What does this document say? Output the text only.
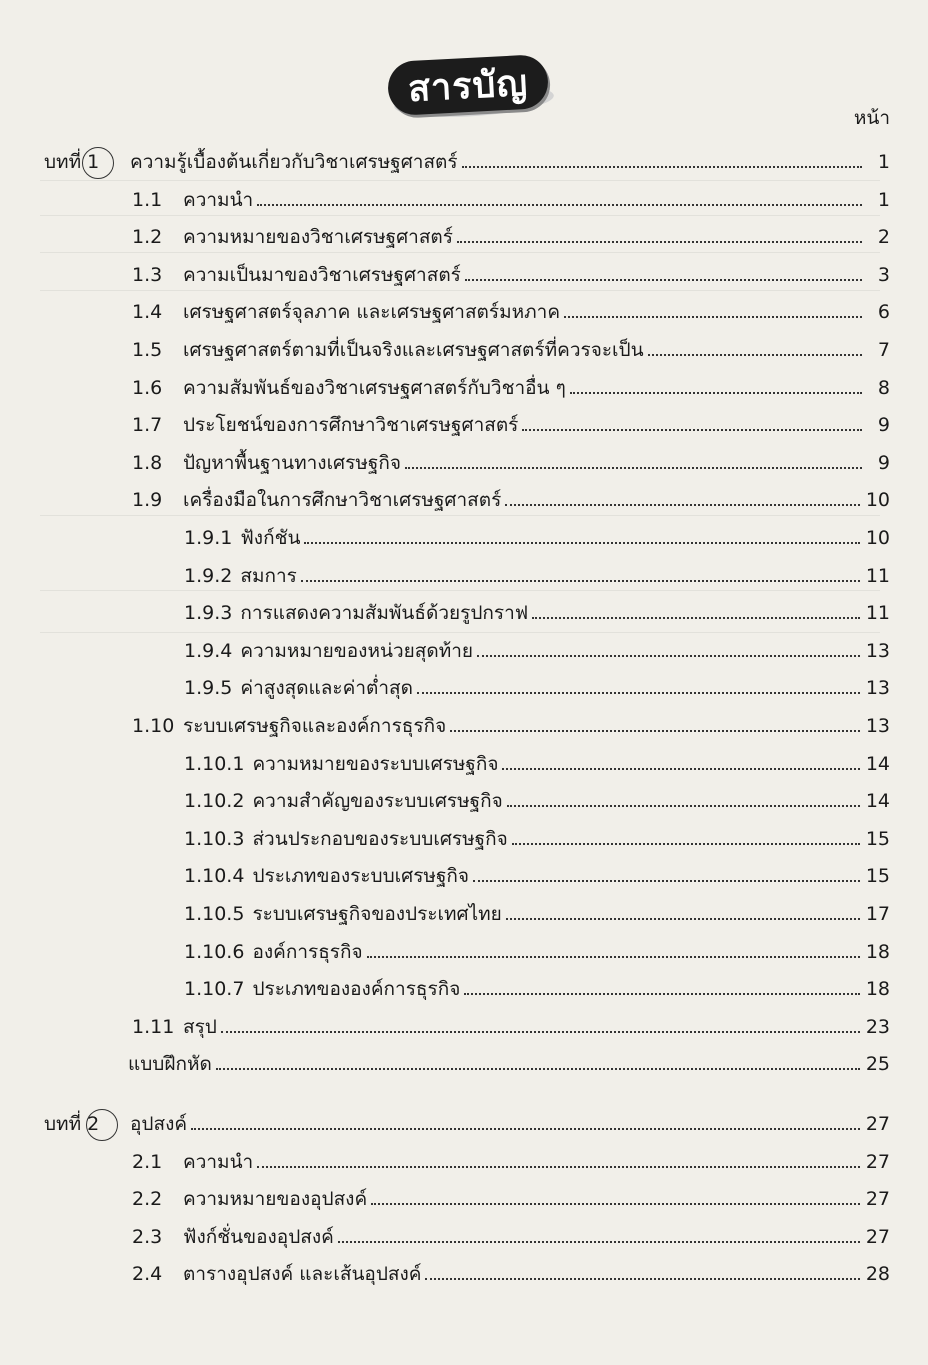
สารบัญ
หน้า
บทที่ 1 ความรู้เบื้องต้นเกี่ยวกับวิชาเศรษฐศาสตร์	1
1.1	ความนำ	1
1.2	ความหมายของวิชาเศรษฐศาสตร์	2
1.3	ความเป็นมาของวิชาเศรษฐศาสตร์	3
1.4	เศรษฐศาสตร์จุลภาค และเศรษฐศาสตร์มหภาค	6
1.5	เศรษฐศาสตร์ตามที่เป็นจริงและเศรษฐศาสตร์ที่ควรจะเป็น	7
1.6	ความสัมพันธ์ของวิชาเศรษฐศาสตร์กับวิชาอื่น ๆ	8
1.7	ประโยชน์ของการศึกษาวิชาเศรษฐศาสตร์	9
1.8	ปัญหาพื้นฐานทางเศรษฐกิจ	9
1.9	เครื่องมือในการศึกษาวิชาเศรษฐศาสตร์	10
1.9.1 ฟังก์ชัน	10
1.9.2 สมการ	11
1.9.3 การแสดงความสัมพันธ์ด้วยรูปกราฟ	11
1.9.4 ความหมายของหน่วยสุดท้าย	13
1.9.5 ค่าสูงสุดและค่าต่ำสุด	13
1.10 ระบบเศรษฐกิจและองค์การธุรกิจ	13
1.10.1 ความหมายของระบบเศรษฐกิจ	14
1.10.2 ความสำคัญของระบบเศรษฐกิจ	14
1.10.3 ส่วนประกอบของระบบเศรษฐกิจ	15
1.10.4 ประเภทของระบบเศรษฐกิจ	15
1.10.5 ระบบเศรษฐกิจของประเทศไทย	17
1.10.6 องค์การธุรกิจ	18
1.10.7 ประเภทขององค์การธุรกิจ	18
1.11 สรุป	23
แบบฝึกหัด	25
บทที่ 2 อุปสงค์	27
2.1	ความนำ	27
2.2	ความหมายของอุปสงค์	27
2.3	ฟังก์ชั่นของอุปสงค์	27
2.4	ตารางอุปสงค์ และเส้นอุปสงค์	28
